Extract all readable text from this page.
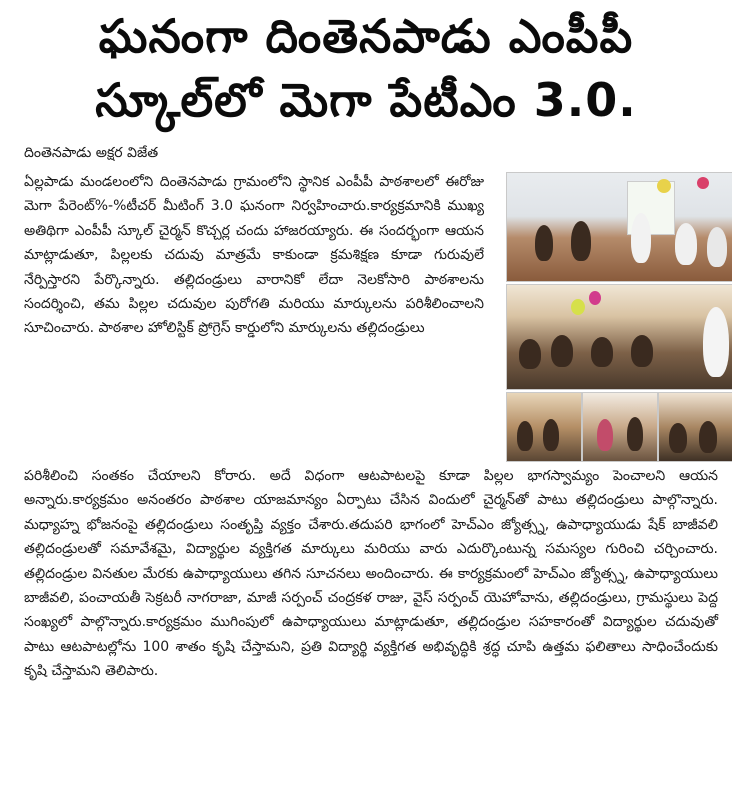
ఘనంగా దింతెనపాడు ఎంపీపీ
స్కూల్‌లో మెగా పేటీఎం 3.0.
దింతెనపాడు అక్షర విజేత
ఏల్లపాడు మండలంలోని దింతెనపాడు గ్రామంలోని స్థానిక ఎంపీపీ పాఠశాలలో ఈరోజు మెగా పేరెంట్%-%టీచర్ మీటింగ్ 3.0 ఘనంగా నిర్వహించారు.కార్యక్రమానికి ముఖ్య అతిథిగా ఎంపీపీ స్కూల్ చైర్మన్ కొచ్చర్ల చందు హాజరయ్యారు. ఈ సందర్భంగా ఆయన మాట్లాడుతూ, పిల్లలకు చదువు మాత్రమే కాకుండా క్రమశిక్షణ కూడా గురువులే నేర్పిస్తారని పేర్కొన్నారు. తల్లిదండ్రులు వారానికో లేదా నెలకోసారి పాఠశాలను సందర్శించి, తమ పిల్లల చదువుల పురోగతి మరియు మార్కులను పరిశీలించాలని సూచించారు. పాఠశాల హోలిస్టిక్ ప్రోగ్రెస్ కార్డులోని మార్కులను తల్లిదండ్రులు
పరిశీలించి సంతకం చేయాలని కోరారు. అదే విధంగా ఆటపాటలపై కూడా పిల్లల భాగస్వామ్యం పెంచాలని ఆయన అన్నారు.కార్యక్రమం అనంతరం పాఠశాల యాజమాన్యం ఏర్పాటు చేసిన విందులో చైర్మన్‌తో పాటు తల్లిదండ్రులు పాల్గొన్నారు. మధ్యాహ్న భోజనంపై తల్లిదండ్రులు సంతృప్తి వ్యక్తం చేశారు.తదుపరి భాగంలో హెచ్ఎం జ్యోత్స్న, ఉపాధ్యాయుడు షేక్ బాజీవలి తల్లిదండ్రులతో సమావేశమై, విద్యార్థుల వ్యక్తిగత మార్కులు మరియు వారు ఎదుర్కొంటున్న సమస్యల గురించి చర్చించారు. తల్లిదండ్రుల వినతుల మేరకు ఉపాధ్యాయులు తగిన సూచనలు అందించారు. ఈ కార్యక్రమంలో హెచ్ఎం జ్యోత్స్న, ఉపాధ్యాయులు బాజీవలి, పంచాయతీ సెక్రటరీ నాగరాజా, మాజీ సర్పంచ్ చంద్రకళ రాజు, వైస్ సర్పంచ్ యెహోవాను, తల్లిదండ్రులు, గ్రామస్థులు పెద్ద సంఖ్యలో పాల్గొన్నారు.కార్యక్రమం ముగింపులో ఉపాధ్యాయులు మాట్లాడుతూ, తల్లిదండ్రుల సహకారంతో విద్యార్థుల చదువుతో పాటు ఆటపాటల్లోను 100 శాతం కృషి చేస్తామని, ప్రతి విద్యార్థి వ్యక్తిగత అభివృద్ధికి శ్రద్ధ చూపి ఉత్తమ ఫలితాలు సాధించేందుకు కృషి చేస్తామని తెలిపారు.
